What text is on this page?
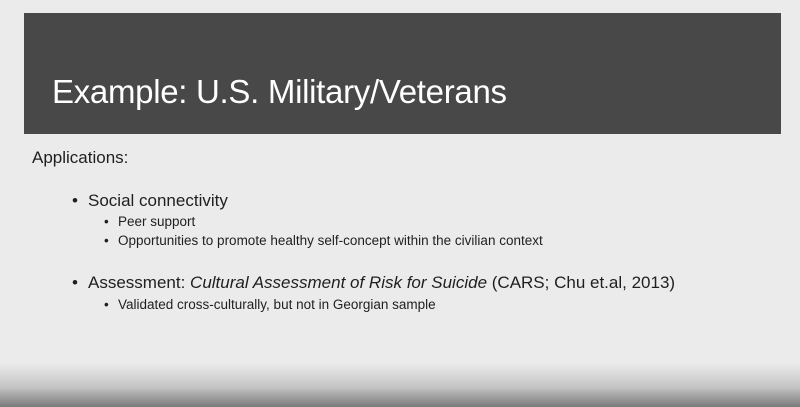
Example: U.S. Military/Veterans
Applications:
• Social connectivity
• Peer support
• Opportunities to promote healthy self-concept within the civilian context
• Assessment: Cultural Assessment of Risk for Suicide (CARS; Chu et.al, 2013)
• Validated cross-culturally, but not in Georgian sample
